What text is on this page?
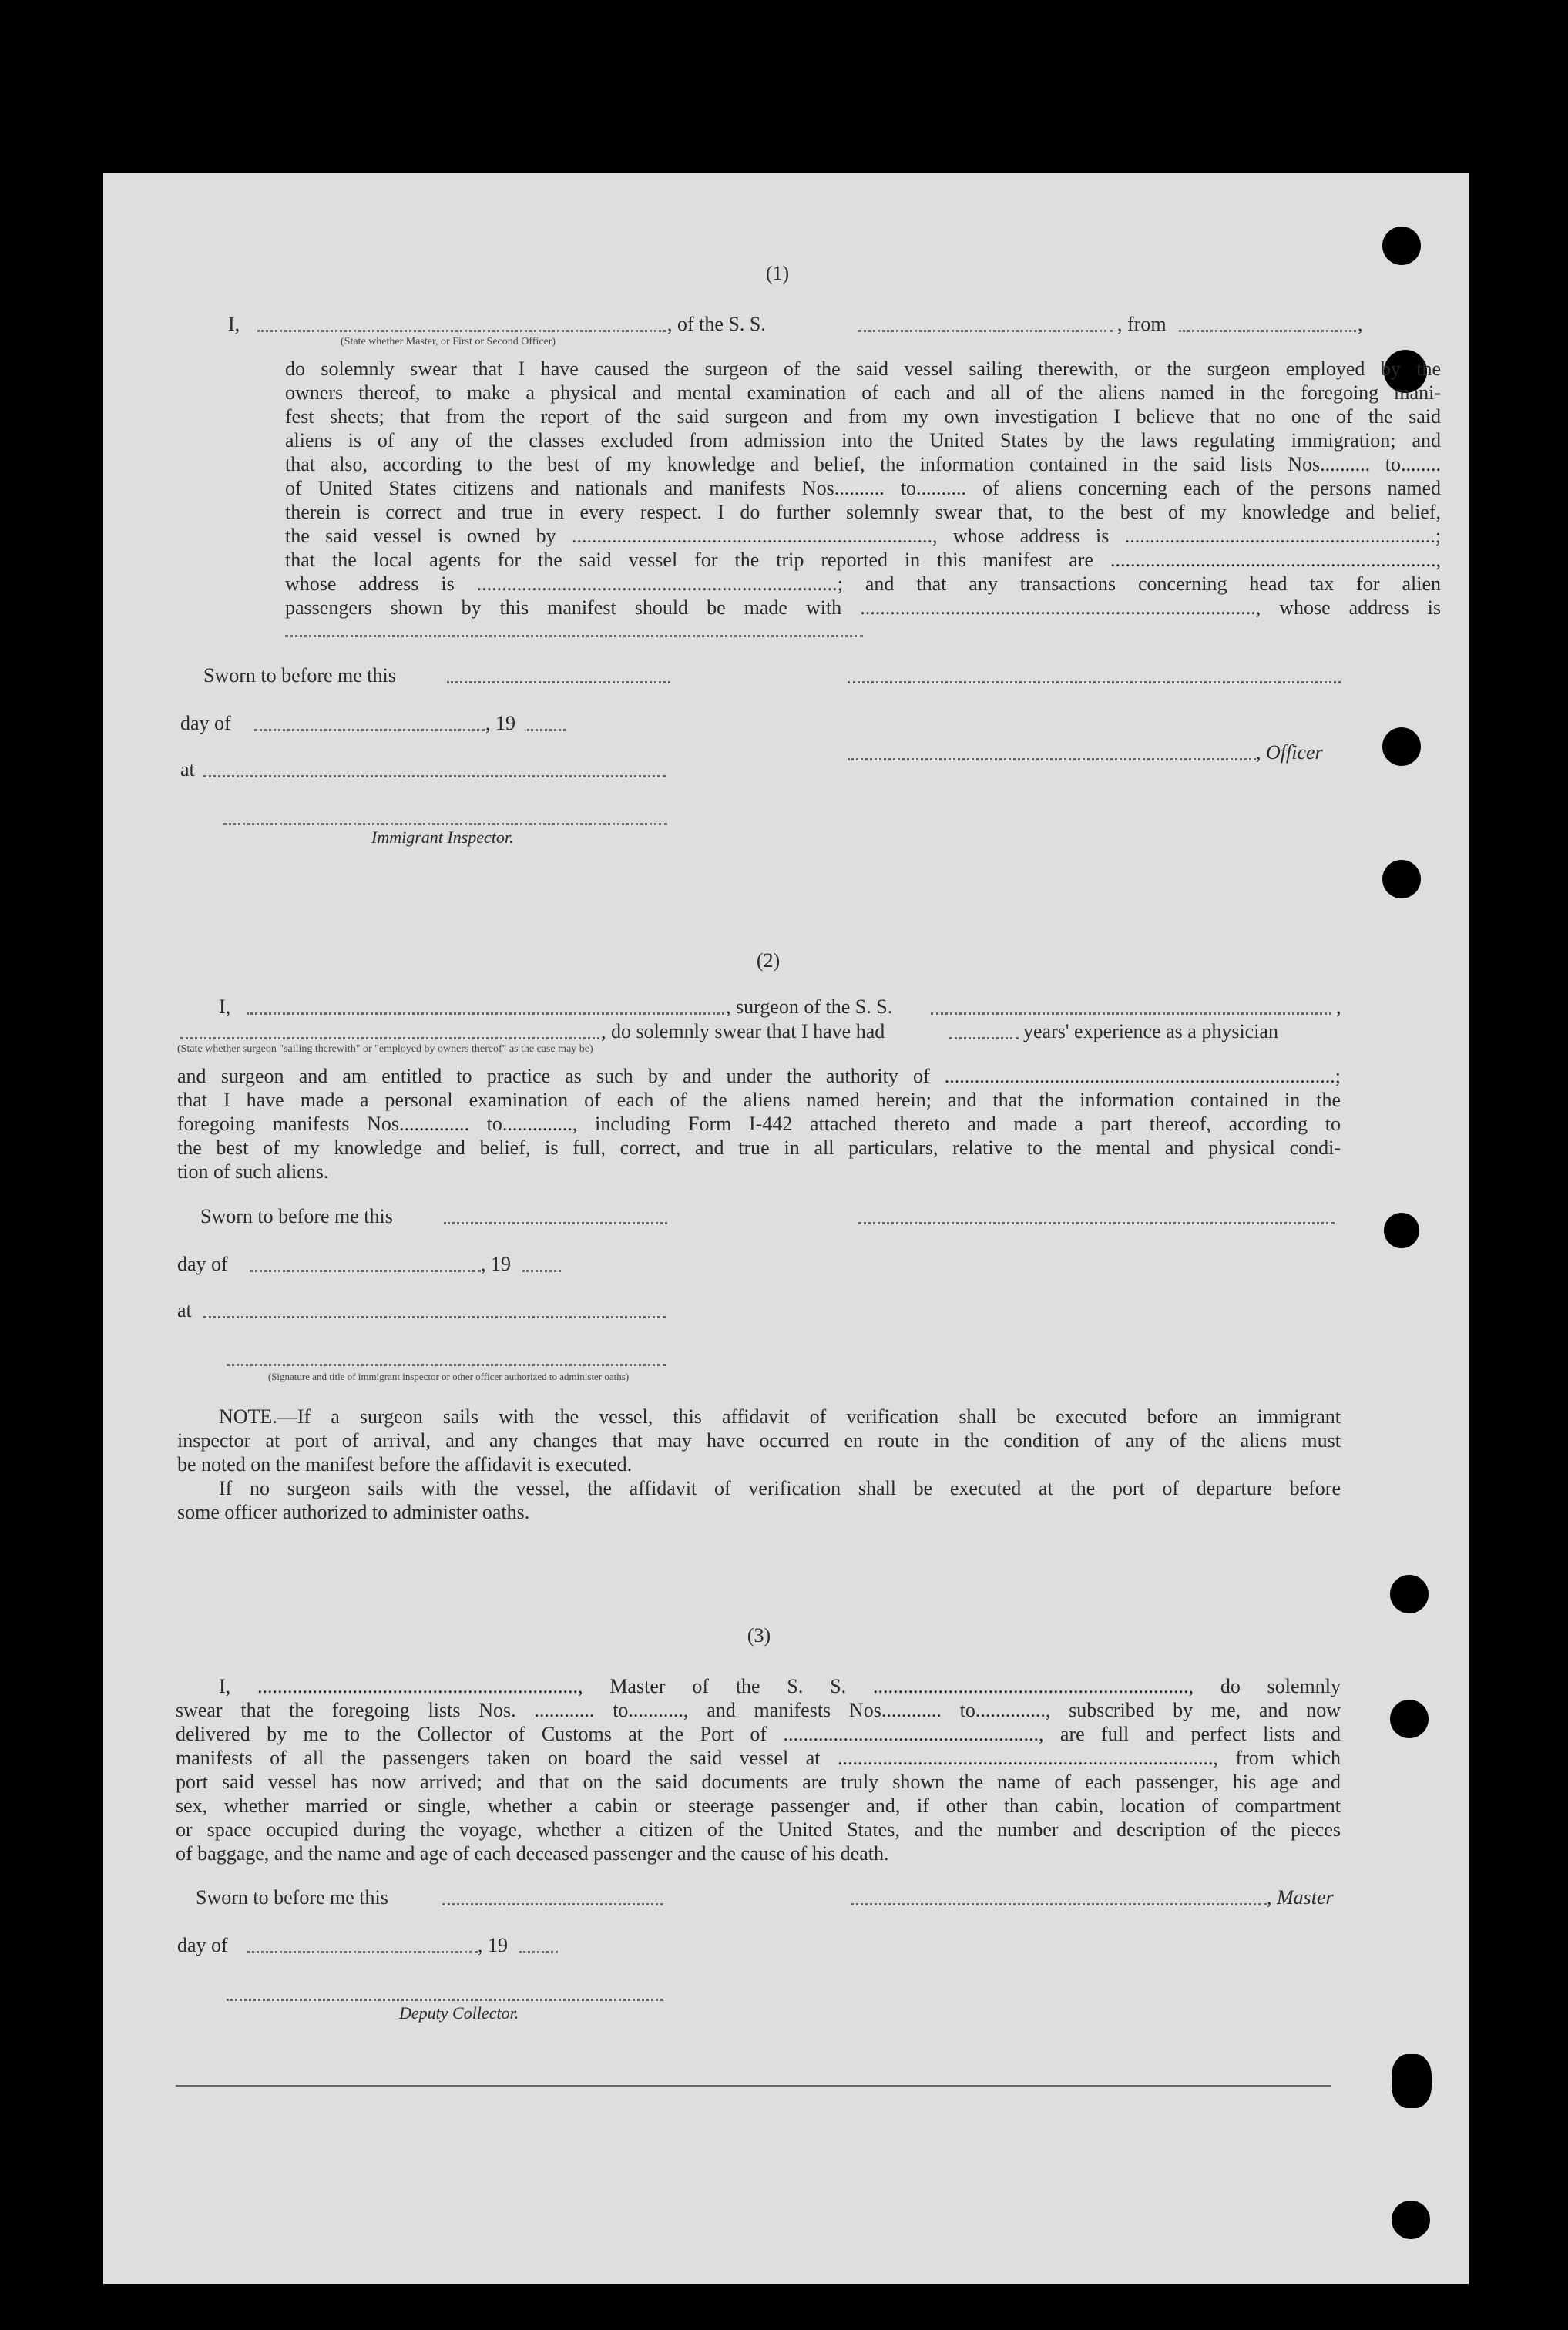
(1)
I,
(State whether Master, or First or Second Officer)
, of the S. S.	, from	,
do solemnly swear that I have caused the surgeon of the said vessel sailing therewith, or the surgeon employed by the
owners thereof, to make a physical and mental examination of each and all of the aliens named in the foregoing mani-
fest sheets; that from the report of the said surgeon and from my own investigation I believe that no one of the said
aliens is of any of the classes excluded from admission into the United States by the laws regulating immigration; and
that also, according to the best of my knowledge and belief, the information contained in the said lists Nos.......... to........
of United States citizens and nationals and manifests Nos.......... to.......... of aliens concerning each of the persons named
therein is correct and true in every respect. I do further solemnly swear that, to the best of my knowledge and belief,
the said vessel is owned by ........................................................................, whose address is ..............................................................;
that the local agents for the said vessel for the trip reported in this manifest are .................................................................,
whose address is ........................................................................; and that any transactions concerning head tax for alien
passengers shown by this manifest should be made with ..............................................................................., whose address is
Sworn to before me this
day of	, 19
, Officer
at
Immigrant Inspector.
(2)
I,	, surgeon of the S. S.	,
, do solemnly swear that I have had	years' experience as a physician
(State whether surgeon "sailing therewith" or "employed by owners thereof" as the case may be)
and surgeon and am entitled to practice as such by and under the authority of ..............................................................................;
that I have made a personal examination of each of the aliens named herein; and that the information contained in the
foregoing manifests Nos.............. to.............., including Form I-442 attached thereto and made a part thereof, according to
the best of my knowledge and belief, is full, correct, and true in all particulars, relative to the mental and physical condi-
tion of such aliens.
Sworn to before me this
day of	, 19
at
(Signature and title of immigrant inspector or other officer authorized to administer oaths)
NOTE.—If a surgeon sails with the vessel, this affidavit of verification shall be executed before an immigrant
inspector at port of arrival, and any changes that may have occurred en route in the condition of any of the aliens must
be noted on the manifest before the affidavit is executed.
If no surgeon sails with the vessel, the affidavit of verification shall be executed at the port of departure before
some officer authorized to administer oaths.
(3)
I, ................................................................, Master of the S. S. ..............................................................., do solemnly
swear that the foregoing lists Nos. ............ to..........., and manifests Nos............ to.............., subscribed by me, and now
delivered by me to the Collector of Customs at the Port of ..................................................., are full and perfect lists and
manifests of all the passengers taken on board the said vessel at ..........................................................................., from which
port said vessel has now arrived; and that on the said documents are truly shown the name of each passenger, his age and
sex, whether married or single, whether a cabin or steerage passenger and, if other than cabin, location of compartment
or space occupied during the voyage, whether a citizen of the United States, and the number and description of the pieces
of baggage, and the name and age of each deceased passenger and the cause of his death.
Sworn to before me this	, Master
day of	, 19
Deputy Collector.
